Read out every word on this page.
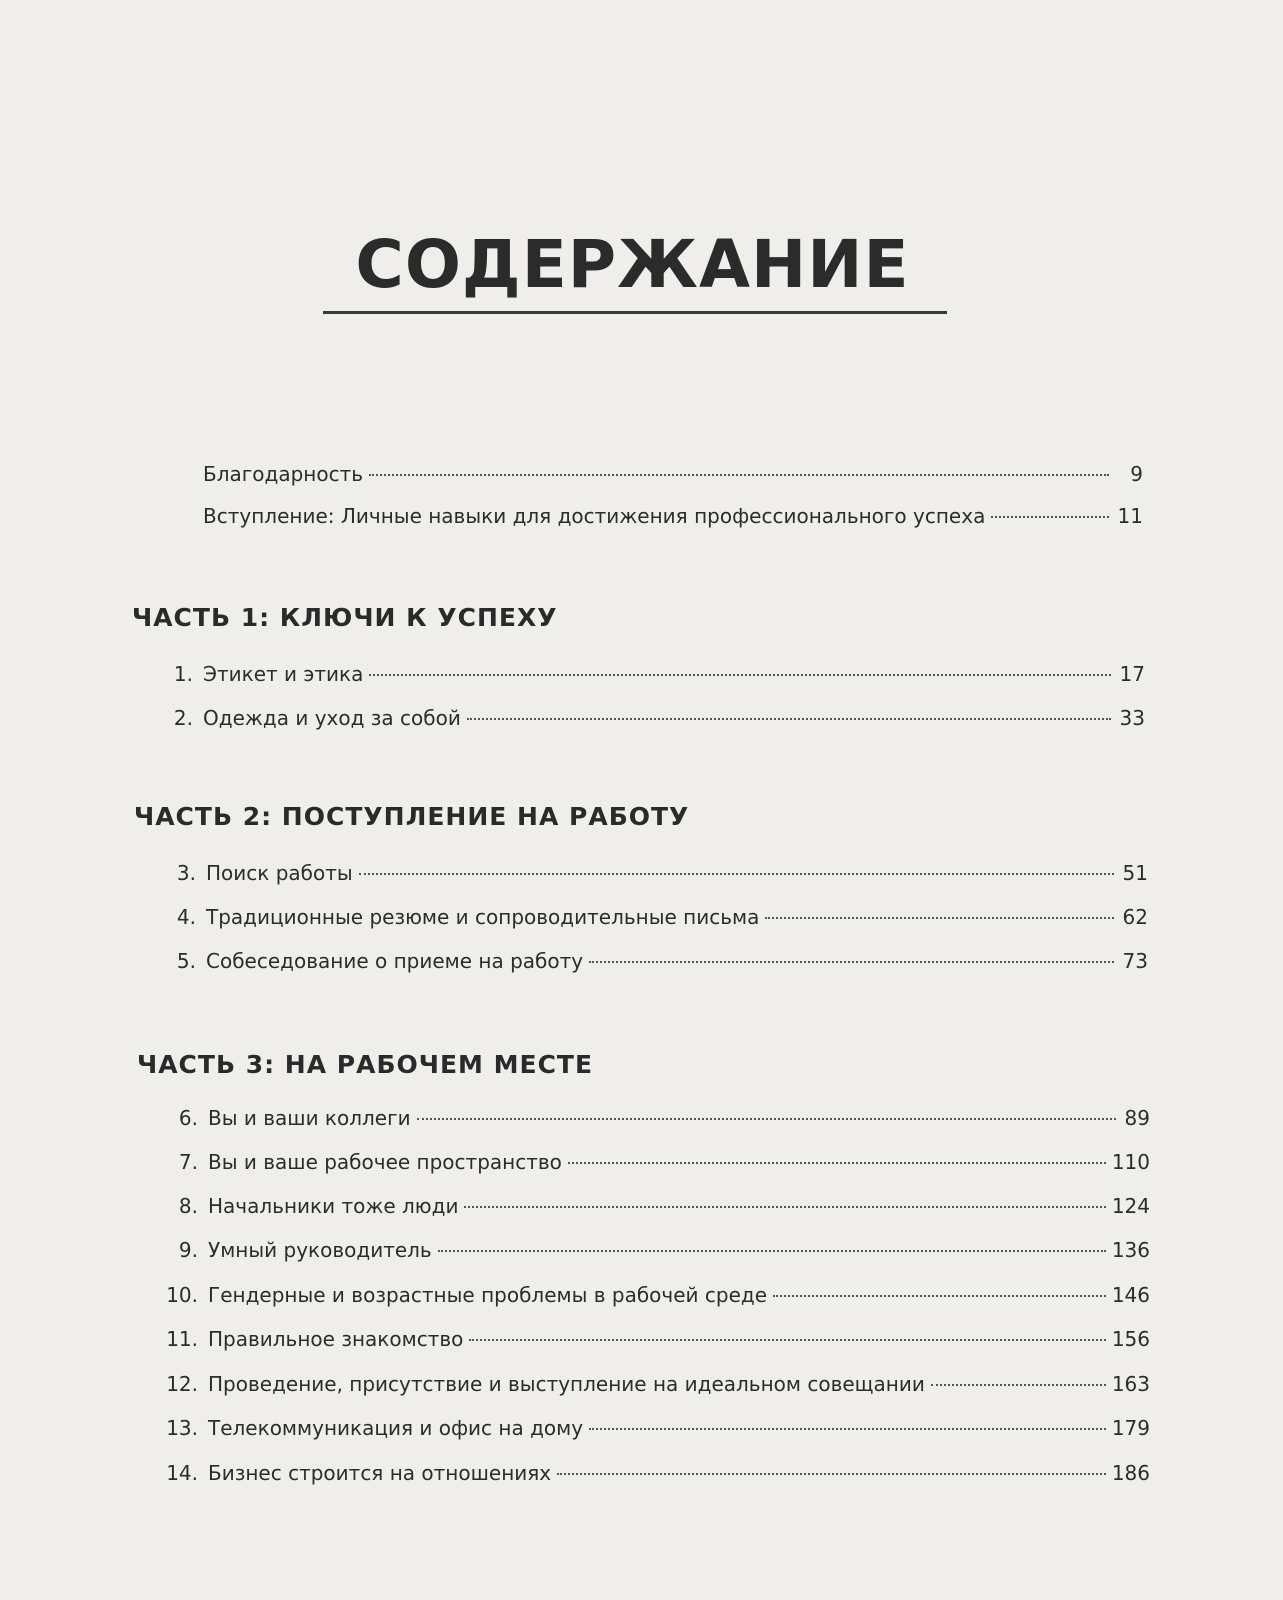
СОДЕРЖАНИЕ
Благодарность	9
Вступление: Личные навыки для достижения профессионального успеха	11
ЧАСТЬ 1: КЛЮЧИ К УСПЕХУ
1. Этикет и этика	17
2. Одежда и уход за собой	33
ЧАСТЬ 2: ПОСТУПЛЕНИЕ НА РАБОТУ
3. Поиск работы	51
4. Традиционные резюме и сопроводительные письма	62
5. Собеседование о приеме на работу	73
ЧАСТЬ 3: НА РАБОЧЕМ МЕСТЕ
6. Вы и ваши коллеги	89
7. Вы и ваше рабочее пространство	110
8. Начальники тоже люди	124
9. Умный руководитель	136
10. Гендерные и возрастные проблемы в рабочей среде	146
11. Правильное знакомство	156
12. Проведение, присутствие и выступление на идеальном совещании	163
13. Телекоммуникация и офис на дому	179
14. Бизнес строится на отношениях	186
